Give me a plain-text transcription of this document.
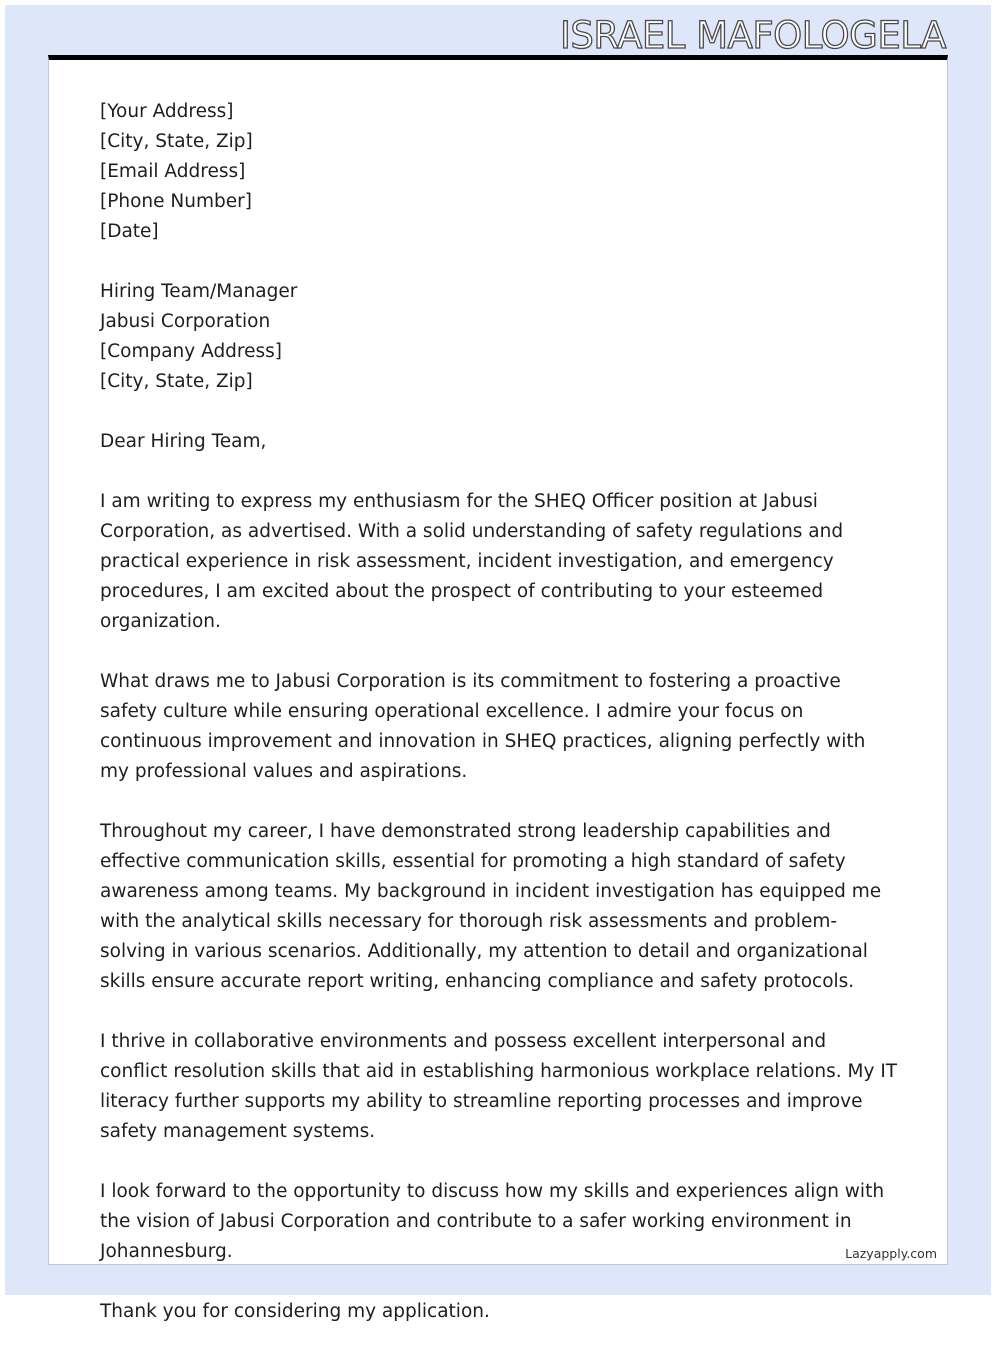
ISRAEL MAFOLOGELA
[Your Address]
[City, State, Zip]
[Email Address]
[Phone Number]
[Date]
Hiring Team/Manager
Jabusi Corporation
[Company Address]
[City, State, Zip]

Dear Hiring Team,

I am writing to express my enthusiasm for the SHEQ Officer position at Jabusi Corporation, as advertised. With a solid understanding of safety regulations and practical experience in risk assessment, incident investigation, and emergency procedures, I am excited about the prospect of contributing to your esteemed organization.

What draws me to Jabusi Corporation is its commitment to fostering a proactive safety culture while ensuring operational excellence. I admire your focus on continuous improvement and innovation in SHEQ practices, aligning perfectly with my professional values and aspirations.

Throughout my career, I have demonstrated strong leadership capabilities and effective communication skills, essential for promoting a high standard of safety awareness among teams. My background in incident investigation has equipped me with the analytical skills necessary for thorough risk assessments and problem-solving in various scenarios. Additionally, my attention to detail and organizational skills ensure accurate report writing, enhancing compliance and safety protocols.

I thrive in collaborative environments and possess excellent interpersonal and conflict resolution skills that aid in establishing harmonious workplace relations. My IT literacy further supports my ability to streamline reporting processes and improve safety management systems.

I look forward to the opportunity to discuss how my skills and experiences align with the vision of Jabusi Corporation and contribute to a safer working environment in Johannesburg.

Thank you for considering my application.

Lazyapply.com
